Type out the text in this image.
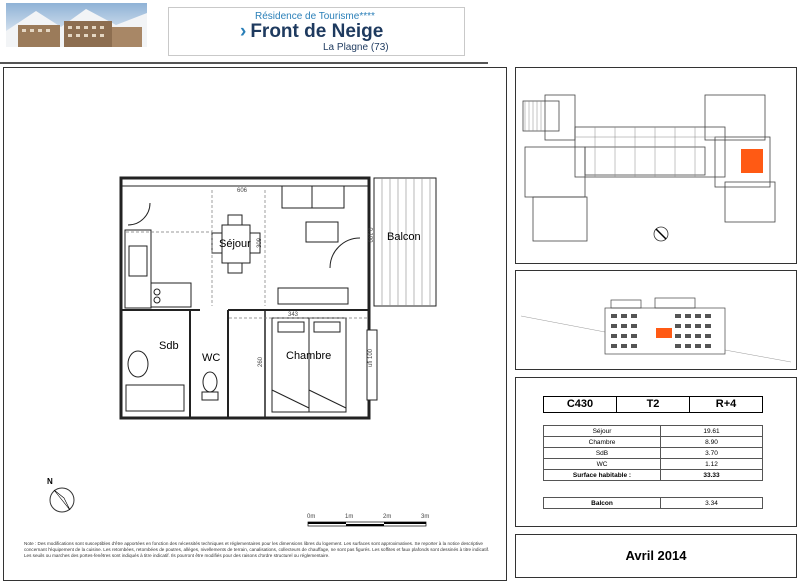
Résidence de Tourisme****
› Front de Neige
La Plagne (73)
Séjour
Balcon
Sdb
WC	Chambre
606
309
0.100
343
260	ufi 100
N
0m	1m	2m	3m
Note : Des modifications sont susceptibles d'être apportées en fonction des nécessités techniques et réglementaires pour les dimensions libres du logement. Les surfaces sont approximatives. Se reporter à la notice descriptive concernant l'équipement de la cuisine. Les retombées, retombées de poutres, allèges, nivellements de terrain, canalisations, collecteurs de chauffage, ne sont pas figurés. Les soffites et faux plafonds sont dessinés à titre indicatif. Les seuils ou marches des portes-fenêtres sont indiqués à titre indicatif. Ils pourront être modifiés pour des raisons d'ordre structurel ou réglementaire.
C430	T2	R+4
Séjour	19.61
Chambre	8.90
SdB	3.70
WC	1.12
Surface habitable :	33.33
Balcon	3.34
Avril 2014
